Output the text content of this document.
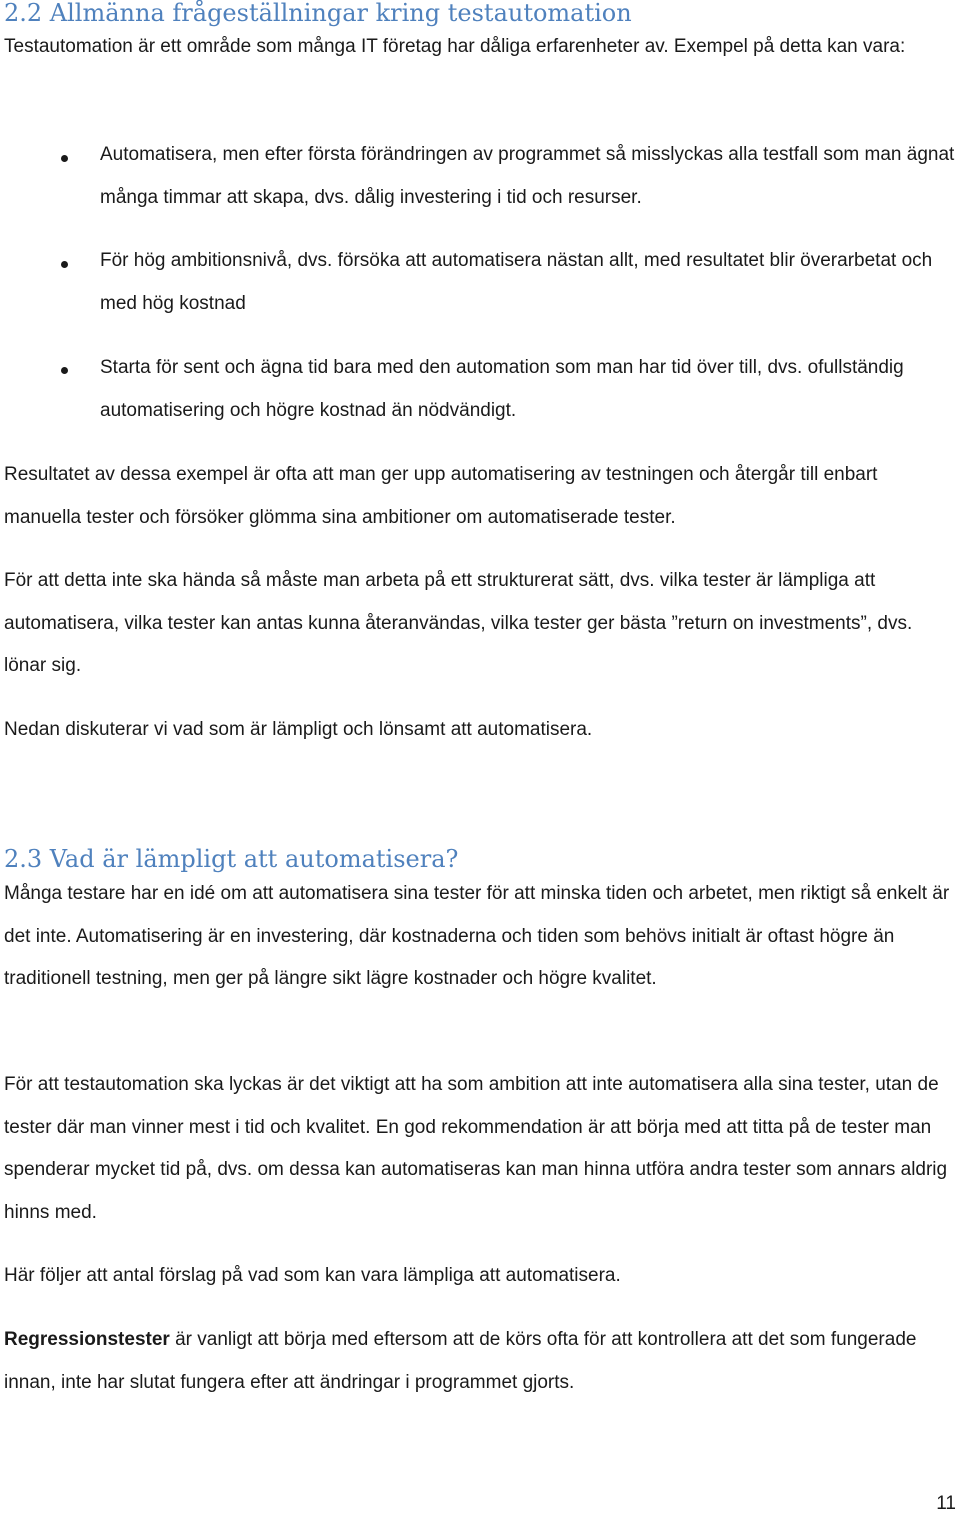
2.2 Allmänna frågeställningar kring testautomation

Testautomation är ett område som många IT företag har dåliga erfarenheter av. Exempel på detta kan vara:

Automatisera, men efter första förändringen av programmet så misslyckas alla testfall som man ägnat många timmar att skapa, dvs. dålig investering i tid och resurser.

För hög ambitionsnivå, dvs. försöka att automatisera nästan allt, med resultatet blir överarbetat och med hög kostnad

Starta för sent och ägna tid bara med den automation som man har tid över till, dvs. ofullständig automatisering och högre kostnad än nödvändigt.

Resultatet av dessa exempel är ofta att man ger upp automatisering av testningen och återgår till enbart manuella tester och försöker glömma sina ambitioner om automatiserade tester.

För att detta inte ska hända så måste man arbeta på ett strukturerat sätt, dvs. vilka tester är lämpliga att automatisera, vilka tester kan antas kunna återanvändas, vilka tester ger bästa ”return on investments”, dvs. lönar sig.

Nedan diskuterar vi vad som är lämpligt och lönsamt att automatisera.

2.3 Vad är lämpligt att automatisera?

Många testare har en idé om att automatisera sina tester för att minska tiden och arbetet, men riktigt så enkelt är det inte. Automatisering är en investering, där kostnaderna och tiden som behövs initialt är oftast högre än traditionell testning, men ger på längre sikt lägre kostnader och högre kvalitet.

För att testautomation ska lyckas är det viktigt att ha som ambition att inte automatisera alla sina tester, utan de tester där man vinner mest i tid och kvalitet. En god rekommendation är att börja med att titta på de tester man spenderar mycket tid på, dvs. om dessa kan automatiseras kan man hinna utföra andra tester som annars aldrig hinns med.

Här följer att antal förslag på vad som kan vara lämpliga att automatisera.

Regressionstester är vanligt att börja med eftersom att de körs ofta för att kontrollera att det som fungerade innan, inte har slutat fungera efter att ändringar i programmet gjorts.

11
